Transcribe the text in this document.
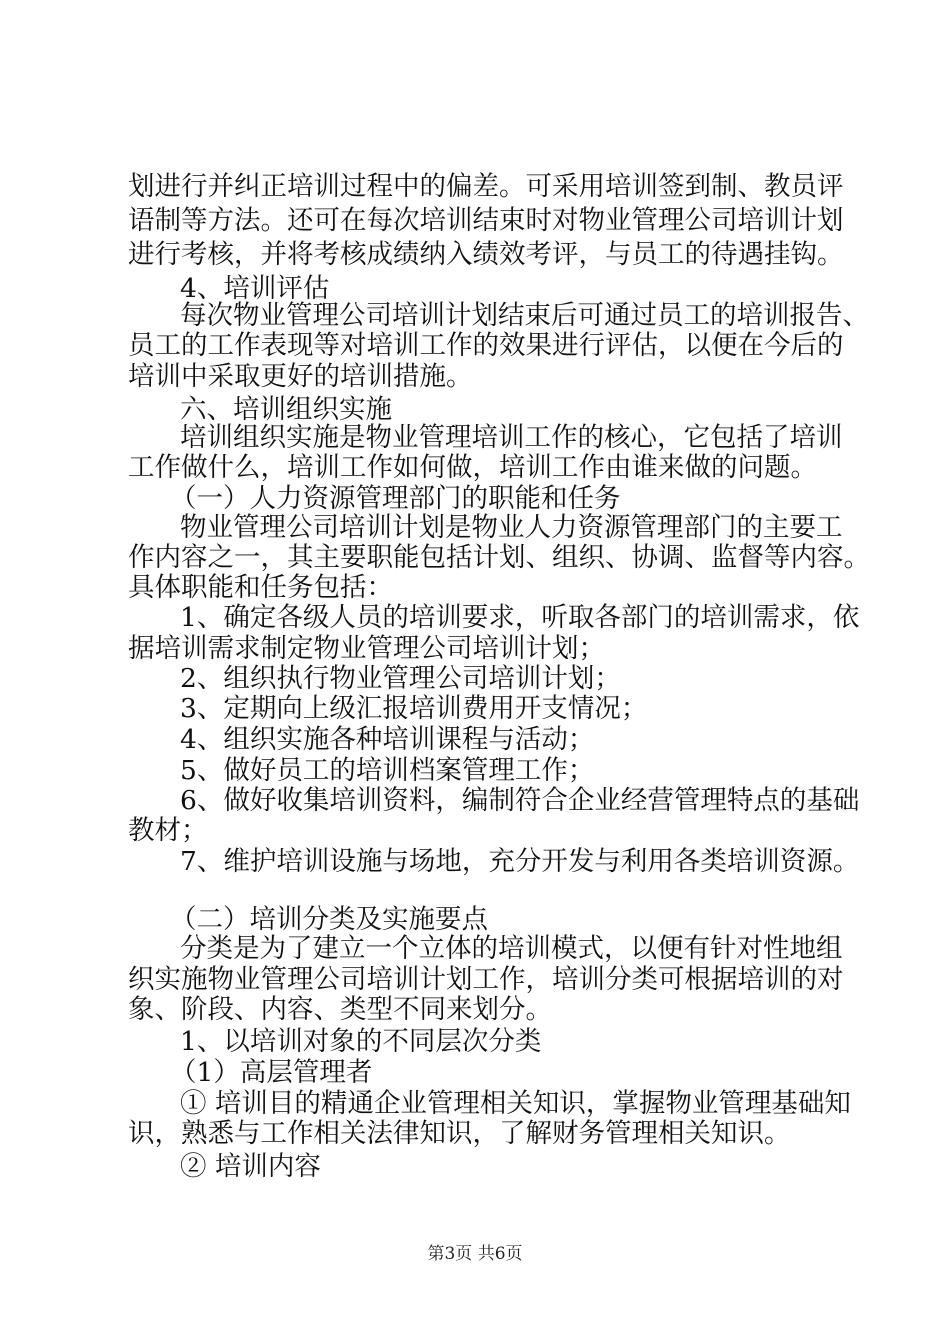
划进行并纠正培训过程中的偏差。可采用培训签到制、教员评
语制等方法。还可在每次培训结束时对物业管理公司培训计划
进行考核，并将考核成绩纳入绩效考评，与员工的待遇挂钩。
4、培训评估
每次物业管理公司培训计划结束后可通过员工的培训报告、
员工的工作表现等对培训工作的效果进行评估，以便在今后的
培训中采取更好的培训措施。
六、培训组织实施
培训组织实施是物业管理培训工作的核心，它包括了培训
工作做什么，培训工作如何做，培训工作由谁来做的问题。
（一）人力资源管理部门的职能和任务
物业管理公司培训计划是物业人力资源管理部门的主要工
作内容之一，其主要职能包括计划、组织、协调、监督等内容。
具体职能和任务包括：
1、确定各级人员的培训要求，听取各部门的培训需求，依
据培训需求制定物业管理公司培训计划；
2、组织执行物业管理公司培训计划；
3、定期向上级汇报培训费用开支情况；
4、组织实施各种培训课程与活动；
5、做好员工的培训档案管理工作；
6、做好收集培训资料，编制符合企业经营管理特点的基础
教材；
7、维护培训设施与场地，充分开发与利用各类培训资源。
（二）培训分类及实施要点
分类是为了建立一个立体的培训模式，以便有针对性地组
织实施物业管理公司培训计划工作，培训分类可根据培训的对
象、阶段、内容、类型不同来划分。
1、以培训对象的不同层次分类
（1）高层管理者
① 培训目的精通企业管理相关知识，掌握物业管理基础知
识，熟悉与工作相关法律知识，了解财务管理相关知识。
② 培训内容
第3页 共6页
